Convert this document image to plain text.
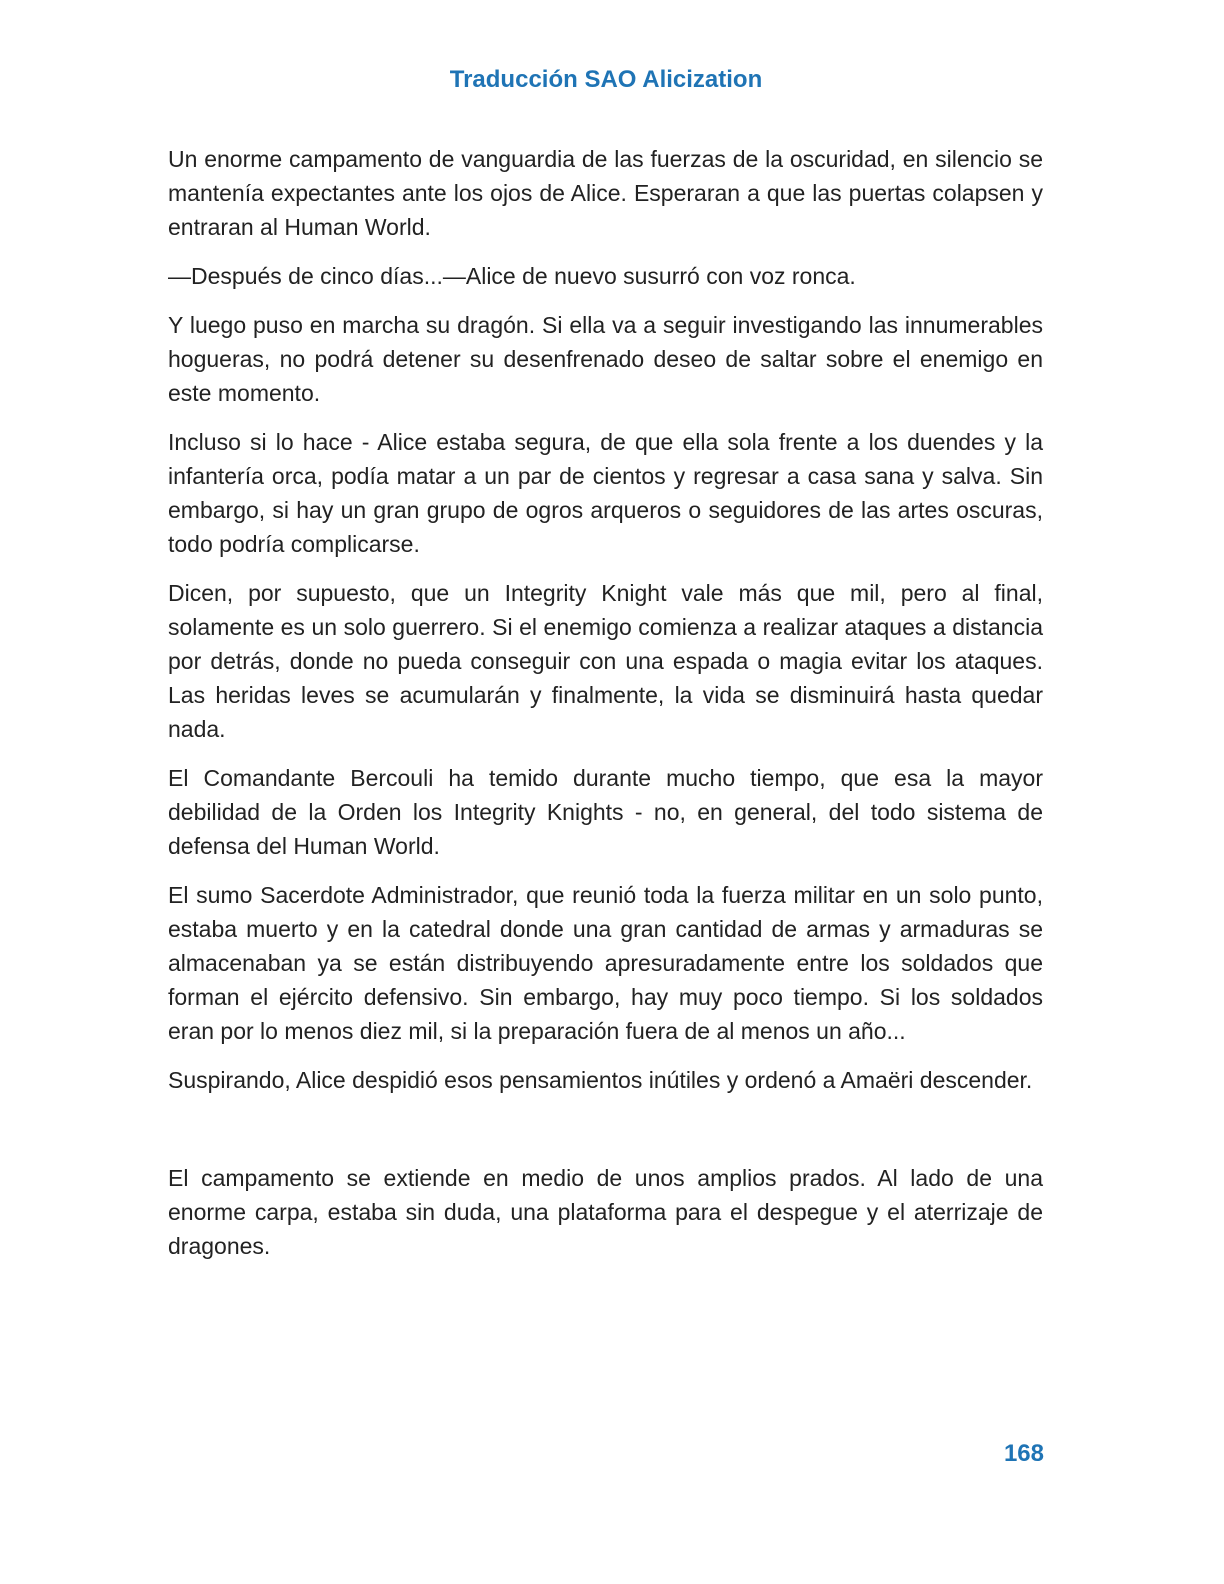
Traducción SAO Alicization

Un enorme campamento de vanguardia de las fuerzas de la oscuridad, en silencio se mantenía expectantes ante los ojos de Alice. Esperaran a que las puertas colapsen y entraran al Human World.

—Después de cinco días...—Alice de nuevo susurró con voz ronca.

Y luego puso en marcha su dragón. Si ella va a seguir investigando las innumerables hogueras, no podrá detener su desenfrenado deseo de saltar sobre el enemigo en este momento.

Incluso si lo hace - Alice estaba segura, de que ella sola frente a los duendes y la infantería orca, podía matar a un par de cientos y regresar a casa sana y salva. Sin embargo, si hay un gran grupo de ogros arqueros o seguidores de las artes oscuras, todo podría complicarse.

Dicen, por supuesto, que un Integrity Knight vale más que mil, pero al final, solamente es un solo guerrero. Si el enemigo comienza a realizar ataques a distancia por detrás, donde no pueda conseguir con una espada o magia evitar los ataques. Las heridas leves se acumularán y finalmente, la vida se disminuirá hasta quedar nada.

El Comandante Bercouli ha temido durante mucho tiempo, que esa la mayor debilidad de la Orden los Integrity Knights - no, en general, del todo sistema de defensa del Human World.

El sumo Sacerdote Administrador, que reunió toda la fuerza militar en un solo punto, estaba muerto y en la catedral donde una gran cantidad de armas y armaduras se almacenaban ya se están distribuyendo apresuradamente entre los soldados que forman el ejército defensivo. Sin embargo, hay muy poco tiempo. Si los soldados eran por lo menos diez mil, si la preparación fuera de al menos un año...

Suspirando, Alice despidió esos pensamientos inútiles y ordenó a Amaëri descender.

El campamento se extiende en medio de unos amplios prados. Al lado de una enorme carpa, estaba sin duda, una plataforma para el despegue y el aterrizaje de dragones.

168
